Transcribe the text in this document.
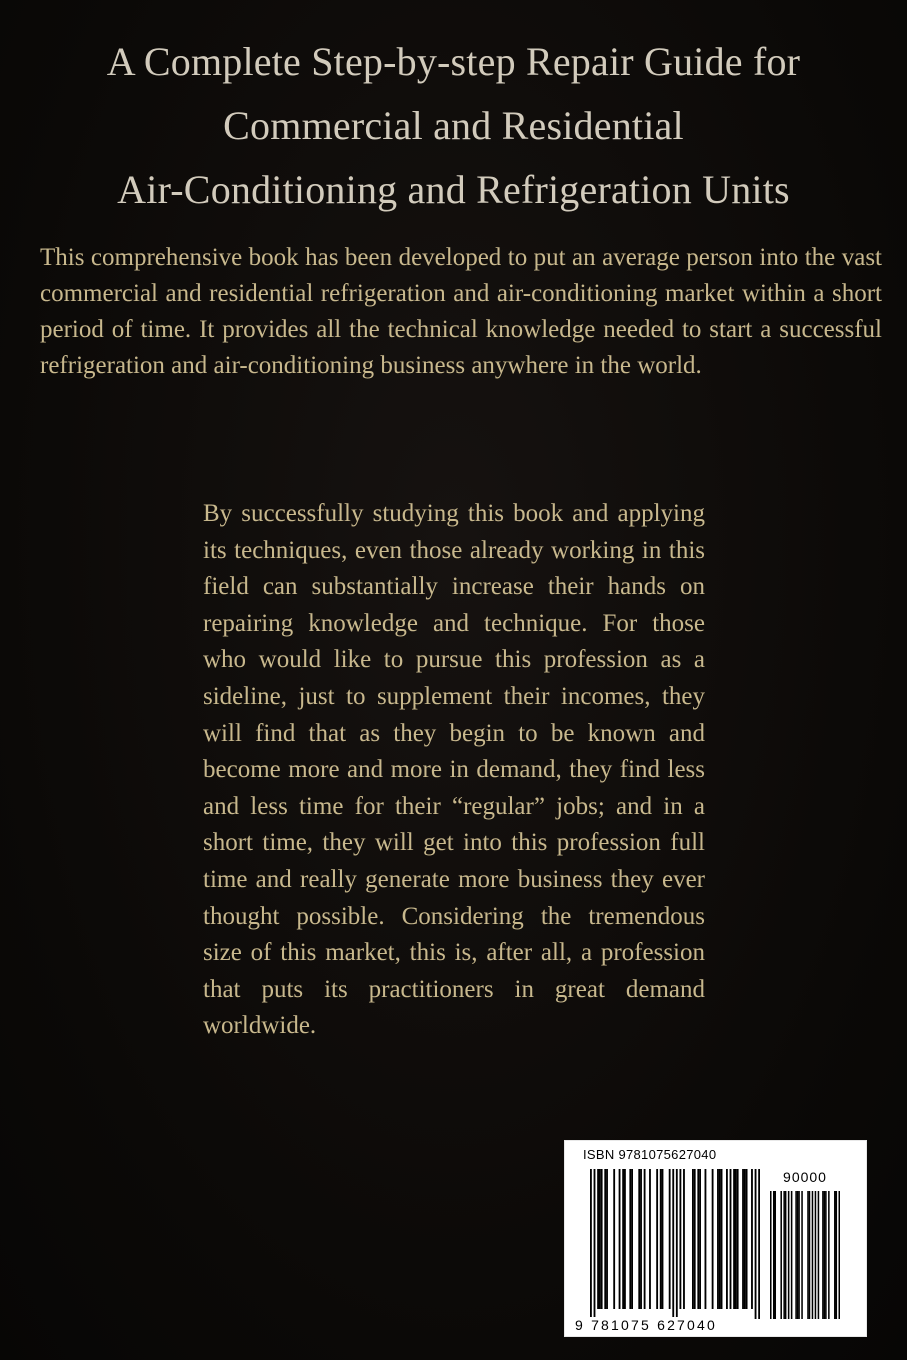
A Complete Step-by-step Repair Guide for
Commercial and Residential
Air-Conditioning and Refrigeration Units

This comprehensive book has been developed to put an average person into the vast commercial and residential refrigeration and air-conditioning market within a short period of time. It provides all the technical knowledge needed to start a successful refrigeration and air-conditioning business anywhere in the world.

By successfully studying this book and applying its techniques, even those already working in this field can substantially increase their hands on repairing knowledge and technique. For those who would like to pursue this profession as a sideline, just to supplement their incomes, they will find that as they begin to be known and become more and more in demand, they find less and less time for their “regular” jobs; and in a short time, they will get into this profession full time and really generate more business they ever thought possible. Considering the tremendous size of this market, this is, after all, a profession that puts its practitioners in great demand worldwide.

ISBN 9781075627040
90000
9 781075 627040
